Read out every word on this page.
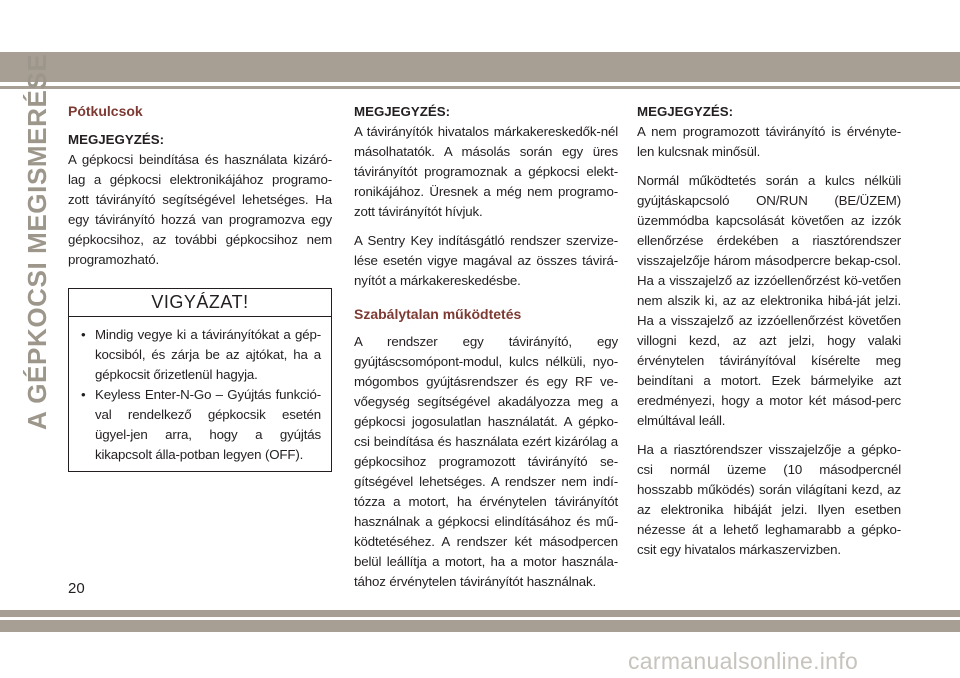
A GÉPKOCSI MEGISMERÉSE Pótkulcsok
MEGJEGYZÉS:

A gépkocsi beindítása és használata kizáró-lag a gépkocsi elektronikájához programo-zott távirányító segítségével lehetséges. Ha egy távirányító hozzá van programozva egy gépkocsihoz, az további gépkocsihoz nem programozható.

VIGYÁZAT!
• Mindig vegye ki a távirányítókat a gép-kocsiból, és zárja be az ajtókat, ha a gépkocsit őrizetlenül hagyja.
• Keyless Enter-N-Go – Gyújtás funkció-val rendelkező gépkocsik esetén ügyel-jen arra, hogy a gyújtás kikapcsolt álla-potban legyen (OFF).
MEGJEGYZÉS:

A távirányítók hivatalos márkakereskedők-nél másolhatatók. A másolás során egy üres távirányítót programoznak a gépkocsi elekt-ronikájához. Üresnek a még nem programo-zott távirányítót hívjuk.

A Sentry Key indításgátló rendszer szervize-lése esetén vigye magával az összes távirá-nyítót a márkakereskedésbe.

Szabálytalan működtetés

A rendszer egy távirányító, egy gyújtáscsomópont-modul, kulcs nélküli, nyo-mógombos gyújtásrendszer és egy RF ve-vőegység segítségével akadályozza meg a gépkocsi jogosulatlan használatát. A gépko-csi beindítása és használata ezért kizárólag a gépkocsihoz programozott távirányító se-gítségével lehetséges. A rendszer nem indí-tózza a motort, ha érvénytelen távirányítót használnak a gépkocsi elindításához és mű-ködtetéséhez. A rendszer két másodpercen belül leállítja a motort, ha a motor használa-tához érvénytelen távirányítót használnak.

MEGJEGYZÉS:

A nem programozott távirányító is érvényte-len kulcsnak minősül.

Normál működtetés során a kulcs nélküli gyújtáskapcsoló ON/RUN (BE/ÜZEM) üzemmódba kapcsolását követően az izzók ellenőrzése érdekében a riasztórendszer visszajelzője három másodpercre bekap-csol. Ha a visszajelző az izzóellenőrzést kö-vetően nem alszik ki, az az elektronika hibá-ját jelzi. Ha a visszajelző az izzóellenőrzést követően villogni kezd, az azt jelzi, hogy valaki érvénytelen távirányítóval kísérelte meg beindítani a motort. Ezek bármelyike azt eredményezi, hogy a motor két másod-perc elmúltával leáll.

Ha a riasztórendszer visszajelzője a gépko-csi normál üzeme (10 másodpercnél hosszabb működés) során világítani kezd, az az elektronika hibáját jelzi. Ilyen esetben nézesse át a lehető leghamarabb a gépko-csit egy hivatalos márkaszervizben.

20
carmanualsonline.info
